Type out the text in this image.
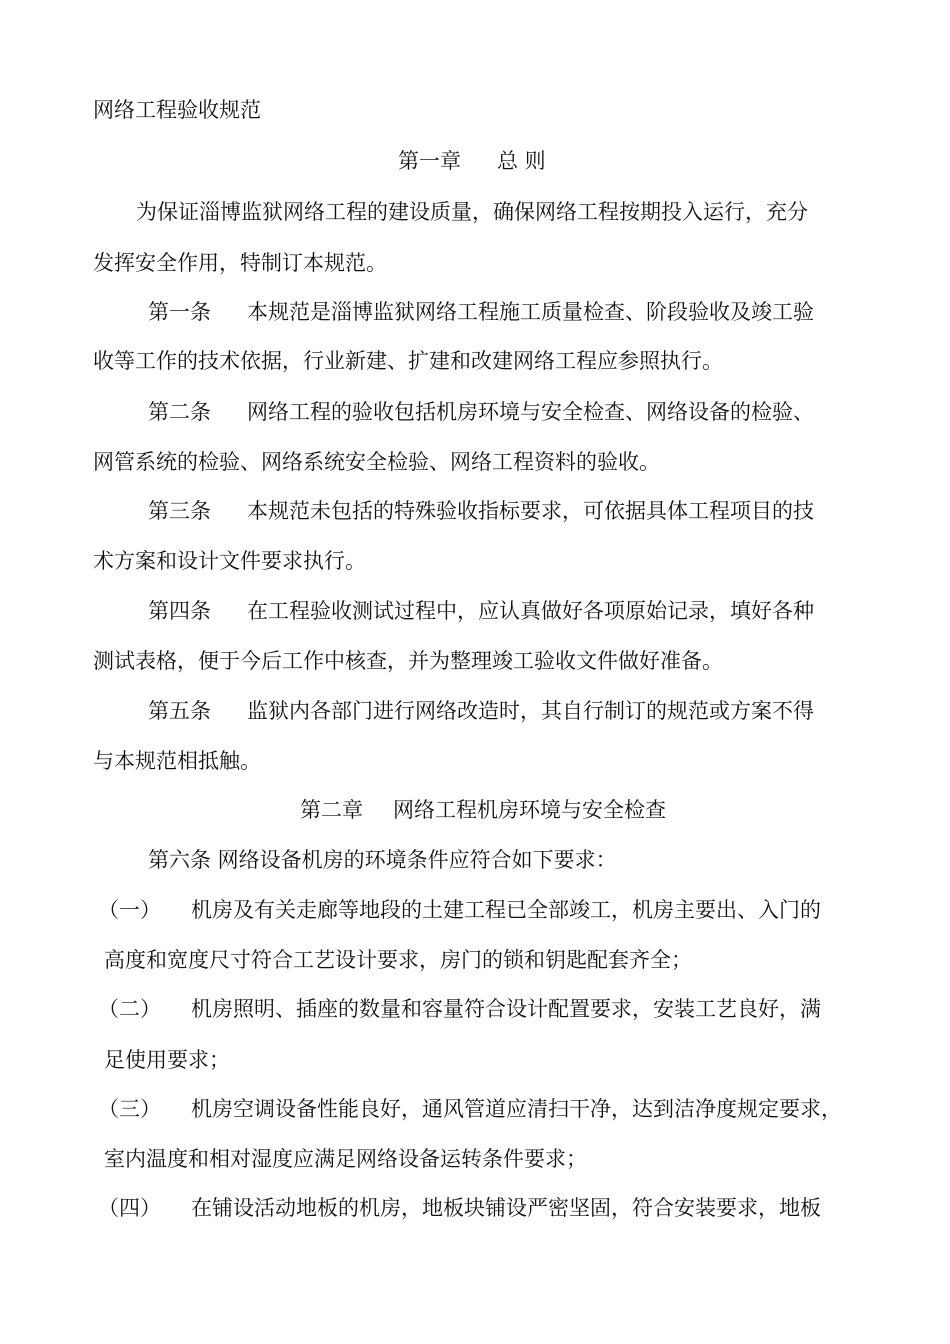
网络工程验收规范
第一章 总 则
为保证淄博监狱网络工程的建设质量，确保网络工程按期投入运行，充分
发挥安全作用，特制订本规范。
第一条 本规范是淄博监狱网络工程施工质量检查、阶段验收及竣工验
收等工作的技术依据，行业新建、扩建和改建网络工程应参照执行。
第二条 网络工程的验收包括机房环境与安全检查、网络设备的检验、
网管系统的检验、网络系统安全检验、网络工程资料的验收。
第三条 本规范未包括的特殊验收指标要求，可依据具体工程项目的技
术方案和设计文件要求执行。
第四条 在工程验收测试过程中，应认真做好各项原始记录，填好各种
测试表格，便于今后工作中核查，并为整理竣工验收文件做好准备。
第五条 监狱内各部门进行网络改造时，其自行制订的规范或方案不得
与本规范相抵触。
第二章 网络工程机房环境与安全检查
第六条 网络设备机房的环境条件应符合如下要求：
（一） 机房及有关走廊等地段的土建工程已全部竣工，机房主要出、入门的
高度和宽度尺寸符合工艺设计要求，房门的锁和钥匙配套齐全；
（二） 机房照明、插座的数量和容量符合设计配置要求，安装工艺良好，满
足使用要求；
（三） 机房空调设备性能良好，通风管道应清扫干净，达到洁净度规定要求，
室内温度和相对湿度应满足网络设备运转条件要求；
（四） 在铺设活动地板的机房，地板块铺设严密坚固，符合安装要求，地板
